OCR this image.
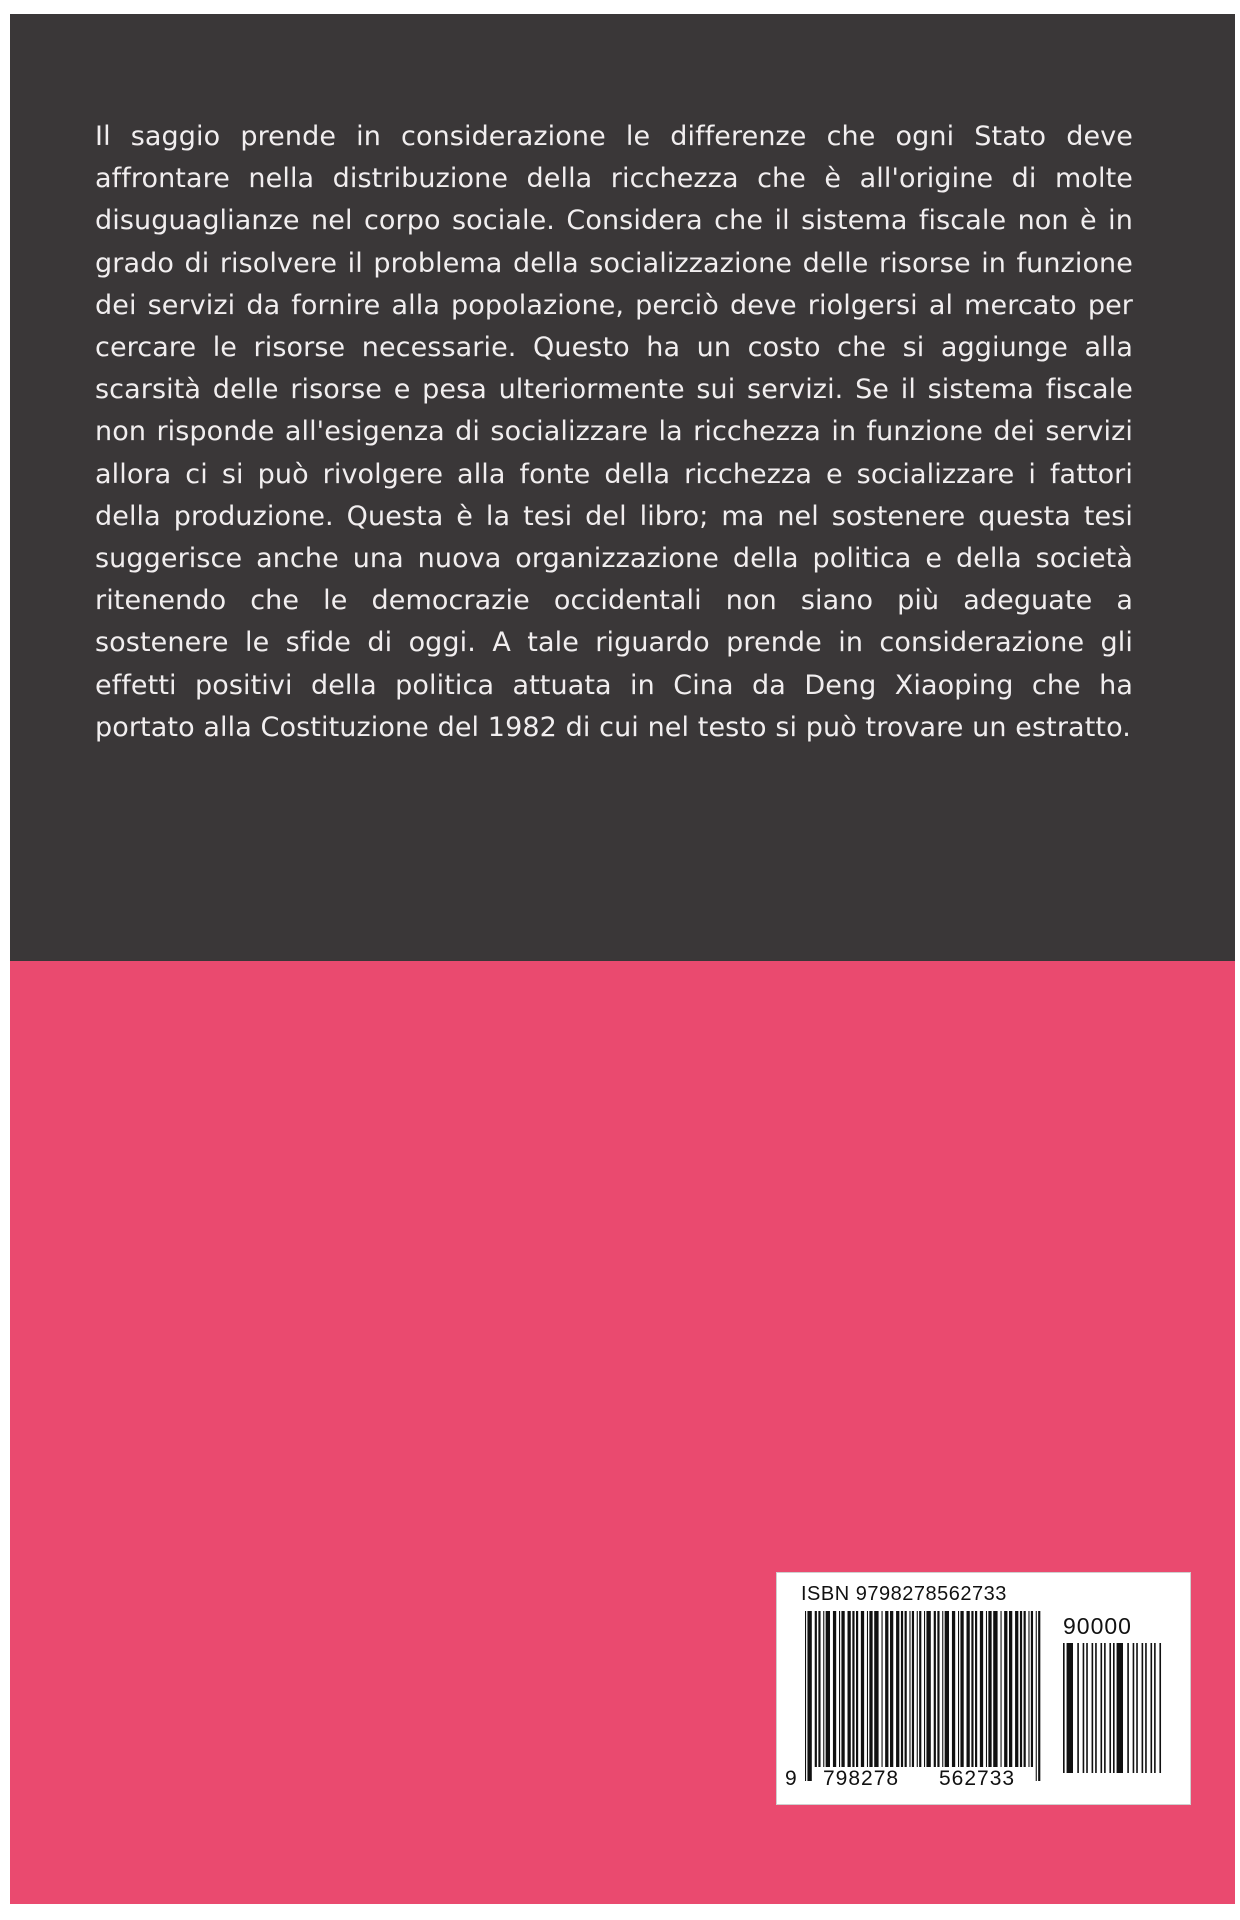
Il saggio prende in considerazione le differenze che ogni Stato deve affrontare nella distribuzione della ricchezza che è all'origine di molte disuguaglianze nel corpo sociale. Considera che il sistema fiscale non è in grado di risolvere il problema della socializzazione delle risorse in funzione dei servizi da fornire alla popolazione, perciò deve riolgersi al mercato per cercare le risorse necessarie. Questo ha un costo che si aggiunge alla scarsità delle risorse e pesa ulteriormente sui servizi. Se il sistema fiscale non risponde all'esigenza di socializzare la ricchezza in funzione dei servizi allora ci si può rivolgere alla fonte della ricchezza e socializzare i fattori della produzione. Questa è la tesi del libro; ma nel sostenere questa tesi suggerisce anche una nuova organizzazione della politica e della società ritenendo che le democrazie occidentali non siano più adeguate a sostenere le sfide di oggi. A tale riguardo prende in considerazione gli effetti positivi della politica attuata in Cina da Deng Xiaoping che ha portato alla Costituzione del 1982 di cui nel testo si può trovare un estratto.

ISBN 9798278562733
90000
9 798278 562733
